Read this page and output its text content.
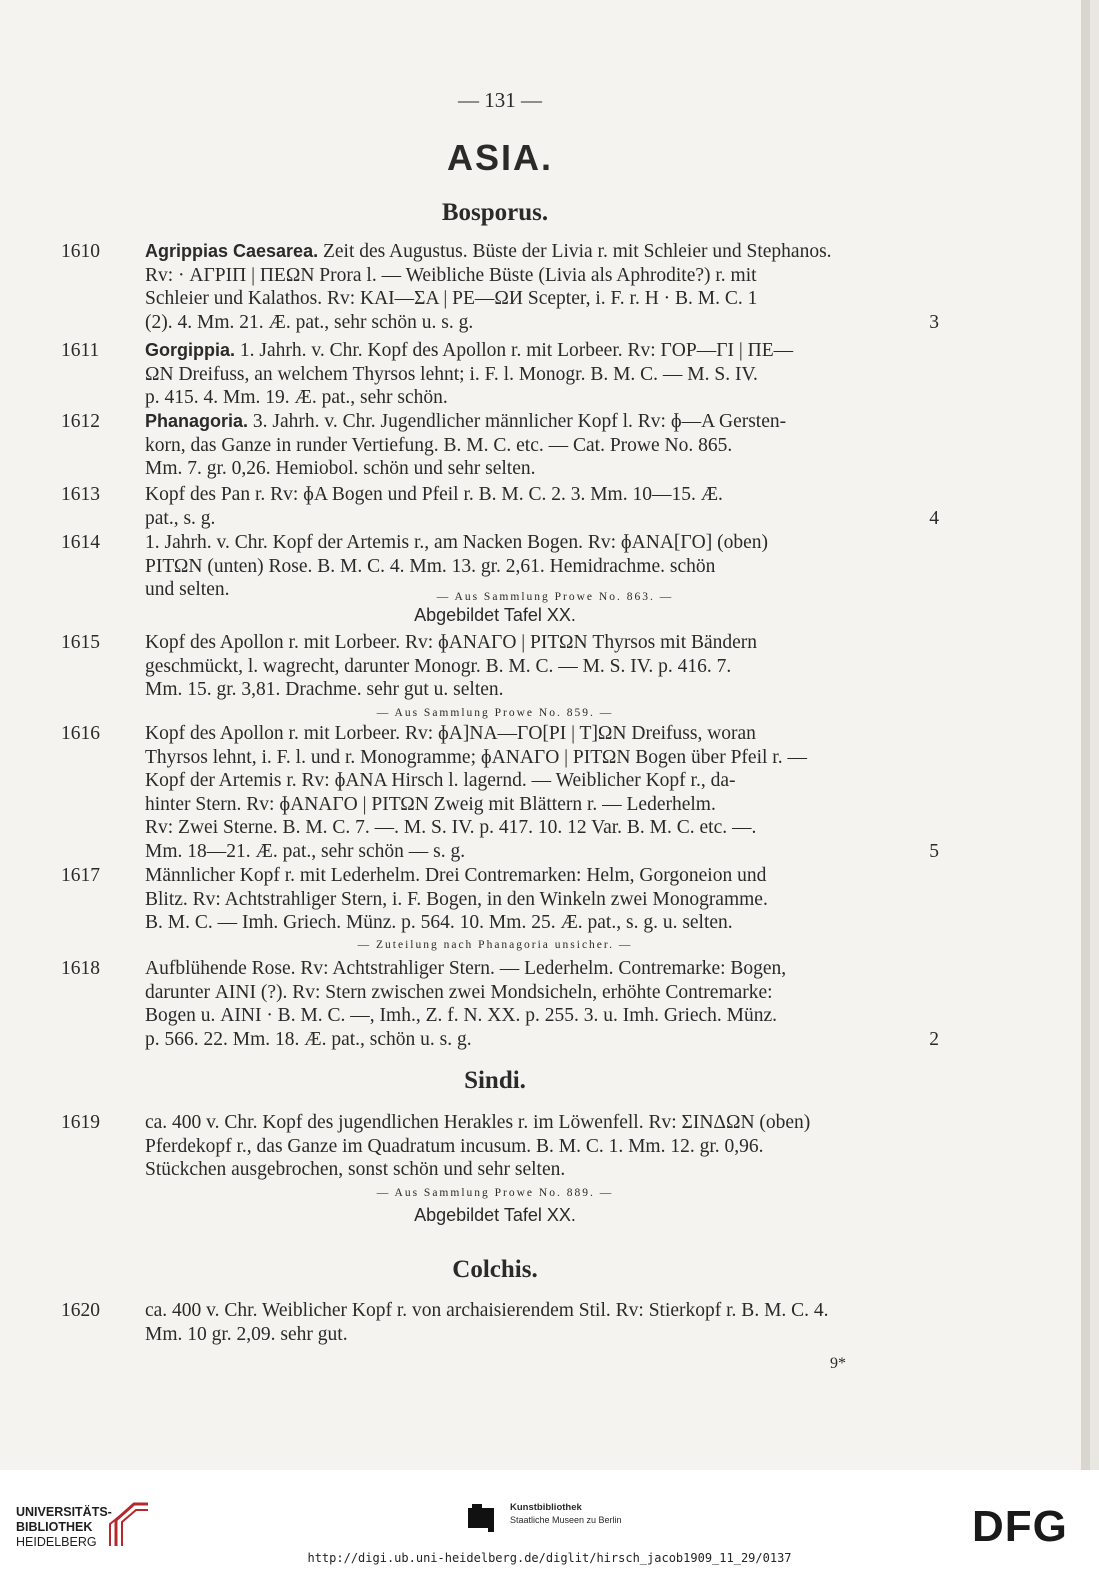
— 131 —
ASIA.
Bosporus.
1610	Agrippias Caesarea. Zeit des Augustus. Büste der Livia r. mit Schleier und Stephanos.

Rv: · ΑΓΡΙΠ | ΠΕΩΝ Prora l. — Weibliche Büste (Livia als Aphrodite?) r. mit

Schleier und Kalathos. Rv: ΚΑΙ—ΣΑ | ΡΕ—ΩИ Scepter, i. F. r. Η · B. M. C. 1

(2). 4. Mm. 21. Æ. pat., sehr schön u. s. g.	3

1611	Gorgippia. 1. Jahrh. v. Chr. Kopf des Apollon r. mit Lorbeer. Rv: ΓΟΡ—ΓΙ | ΠΕ—

ΩΝ Dreifuss, an welchem Thyrsos lehnt; i. F. l. Monogr. B. M. C. — M. S. IV.

p. 415. 4. Mm. 19. Æ. pat., sehr schön.

1612	Phanagoria. 3. Jahrh. v. Chr. Jugendlicher männlicher Kopf l. Rv: ɸ—Α Gersten-

korn, das Ganze in runder Vertiefung. B. M. C. etc. — Cat. Prowe No. 865.

Mm. 7. gr. 0,26. Hemiobol. schön und sehr selten.

1613	Kopf des Pan r. Rv: ɸΑ Bogen und Pfeil r. B. M. C. 2. 3. Mm. 10—15. Æ.

pat., s. g.	4

1614	1. Jahrh. v. Chr. Kopf der Artemis r., am Nacken Bogen. Rv: ɸΑΝΑ[ΓΟ] (oben)

ΡΙΤΩΝ (unten) Rose. B. M. C. 4. Mm. 13. gr. 2,61. Hemidrachme. schön

und selten.	— Aus Sammlung Prowe No. 863. —
Abgebildet Tafel XX.
1615	Kopf des Apollon r. mit Lorbeer. Rv: ɸΑΝΑΓΟ | ΡΙΤΩΝ Thyrsos mit Bändern

geschmückt, l. wagrecht, darunter Monogr. B. M. C. — M. S. IV. p. 416. 7.

Mm. 15. gr. 3,81. Drachme. sehr gut u. selten.

— Aus Sammlung Prowe No. 859. —
1616	Kopf des Apollon r. mit Lorbeer. Rv: ɸΑ]ΝΑ—ΓΟ[ΡΙ | Τ]ΩΝ Dreifuss, woran

Thyrsos lehnt, i. F. l. und r. Monogramme; ɸΑΝΑΓΟ | ΡΙΤΩΝ Bogen über Pfeil r. —

Kopf der Artemis r. Rv: ɸΑΝΑ Hirsch l. lagernd. — Weiblicher Kopf r., da-

hinter Stern. Rv: ɸΑΝΑΓΟ | ΡΙΤΩΝ Zweig mit Blättern r. — Lederhelm.

Rv: Zwei Sterne. B. M. C. 7. —. M. S. IV. p. 417. 10. 12 Var. B. M. C. etc. —.

Mm. 18—21. Æ. pat., sehr schön — s. g.	5

1617	Männlicher Kopf r. mit Lederhelm. Drei Contremarken: Helm, Gorgoneion und

Blitz. Rv: Achtstrahliger Stern, i. F. Bogen, in den Winkeln zwei Monogramme.

B. M. C. — Imh. Griech. Münz. p. 564. 10. Mm. 25. Æ. pat., s. g. u. selten.

— Zuteilung nach Phanagoria unsicher. —
1618	Aufblühende Rose. Rv: Achtstrahliger Stern. — Lederhelm. Contremarke: Bogen,

darunter ΑΙΝΙ (?). Rv: Stern zwischen zwei Mondsicheln, erhöhte Contremarke:

Bogen u. ΑΙΝΙ · B. M. C. —, Imh., Z. f. N. XX. p. 255. 3. u. Imh. Griech. Münz.

p. 566. 22. Mm. 18. Æ. pat., schön u. s. g.	2

Sindi.
1619	ca. 400 v. Chr. Kopf des jugendlichen Herakles r. im Löwenfell. Rv: ΣΙΝΔΩΝ (oben)

Pferdekopf r., das Ganze im Quadratum incusum. B. M. C. 1. Mm. 12. gr. 0,96.

Stückchen ausgebrochen, sonst schön und sehr selten.

— Aus Sammlung Prowe No. 889. —
Abgebildet Tafel XX.
Colchis.
1620	ca. 400 v. Chr. Weiblicher Kopf r. von archaisierendem Stil. Rv: Stierkopf r. B. M. C. 4.

Mm. 10 gr. 2,09. sehr gut.

9*
UNIVERSITÄTS-
BIBLIOTHEK
HEIDELBERG
Kunstbibliothek
Staatliche Museen zu Berlin	DFG
http://digi.ub.uni-heidelberg.de/diglit/hirsch_jacob1909_11_29/0137
